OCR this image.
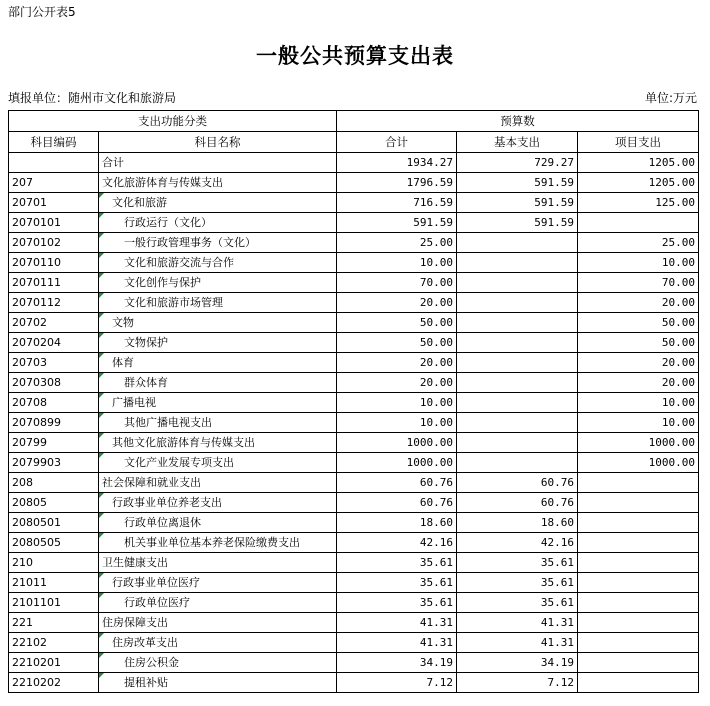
部门公开表5
一般公共预算支出表
填报单位：随州市文化和旅游局	单位:万元
支出功能分类		预算数		
科目编码	科目名称	合计	基本支出	项目支出
	合计	1934.27	729.27	1205.00
207	文化旅游体育与传媒支出	1796.59	591.59	1205.00
20701	文化和旅游	716.59	591.59	125.00
2070101	行政运行（文化）	591.59	591.59	
2070102	一般行政管理事务（文化）	25.00		25.00
2070110	文化和旅游交流与合作	10.00		10.00
2070111	文化创作与保护	70.00		70.00
2070112	文化和旅游市场管理	20.00		20.00
20702	文物	50.00		50.00
2070204	文物保护	50.00		50.00
20703	体育	20.00		20.00
2070308	群众体育	20.00		20.00
20708	广播电视	10.00		10.00
2070899	其他广播电视支出	10.00		10.00
20799	其他文化旅游体育与传媒支出	1000.00		1000.00
2079903	文化产业发展专项支出	1000.00		1000.00
208	社会保障和就业支出	60.76	60.76	
20805	行政事业单位养老支出	60.76	60.76	
2080501	行政单位离退休	18.60	18.60	
2080505	机关事业单位基本养老保险缴费支出	42.16	42.16	
210	卫生健康支出	35.61	35.61	
21011	行政事业单位医疗	35.61	35.61	
2101101	行政单位医疗	35.61	35.61	
221	住房保障支出	41.31	41.31	
22102	住房改革支出	41.31	41.31	
2210201	住房公积金	34.19	34.19	
2210202	提租补贴	7.12	7.12	
